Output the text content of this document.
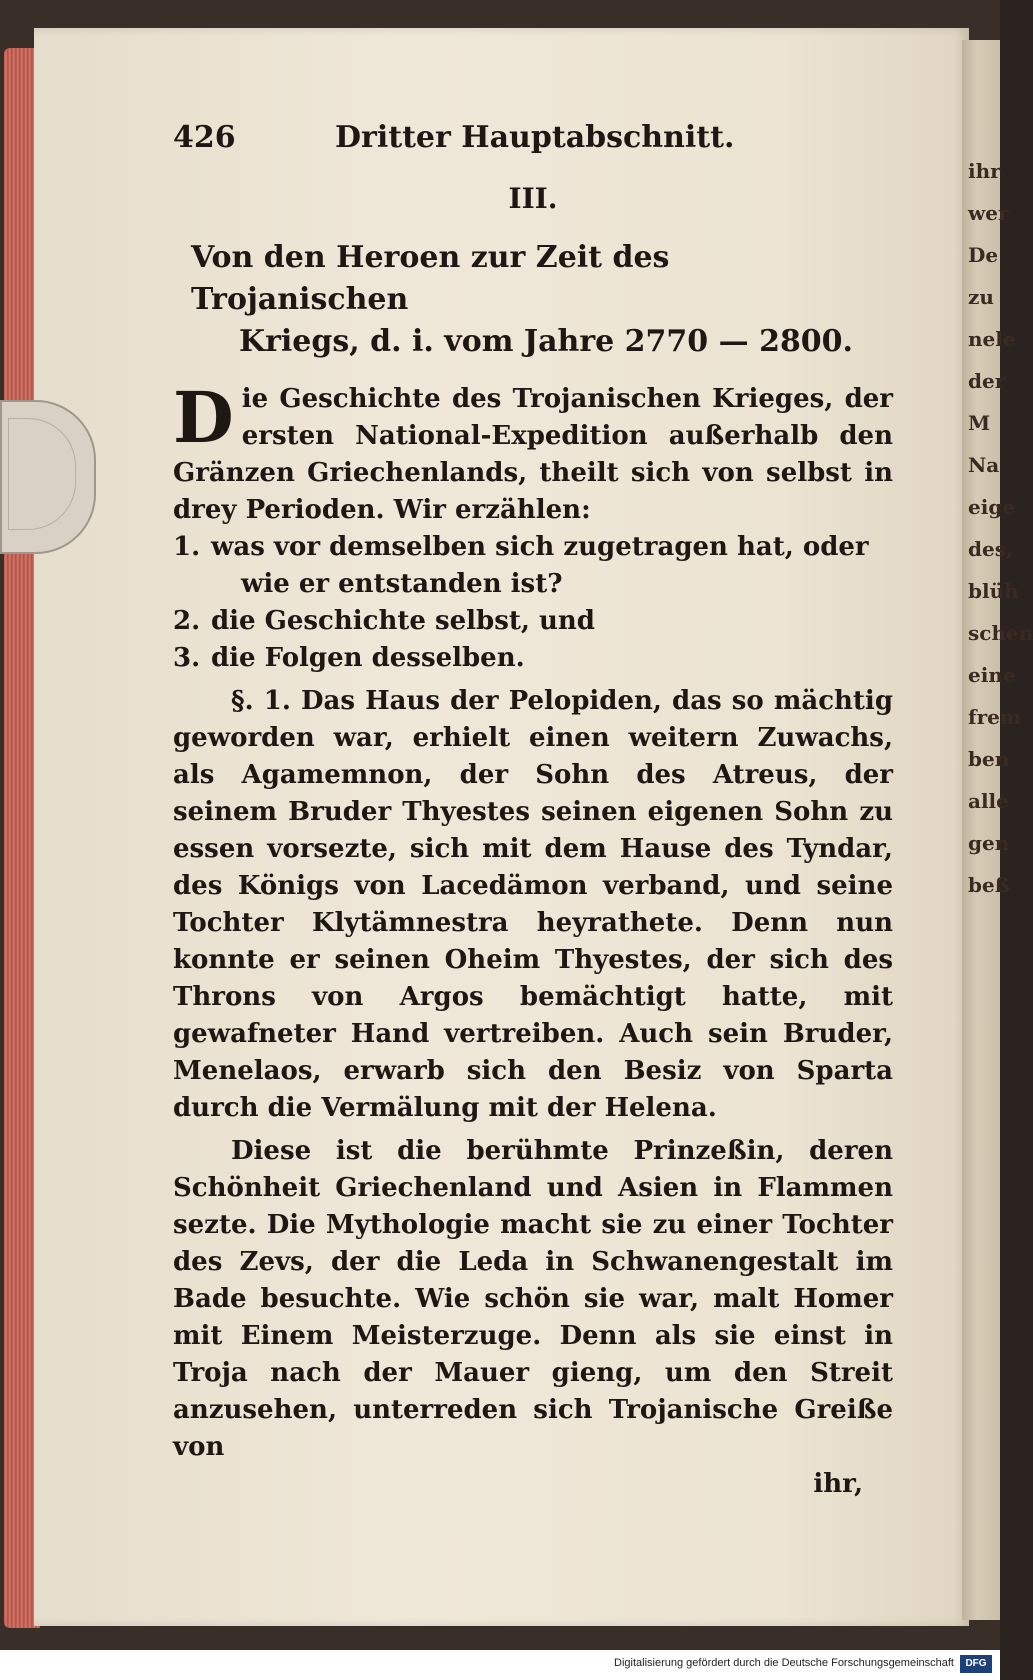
ihr
wer
De
zu
nele
der
M
Na
eige
des,
blüh
schen
eine
frem
ben
alle
gen
beß
426	Dritter Hauptabschnitt.
III.
Von den Heroen zur Zeit des Trojanischen
Kriegs, d. i. vom Jahre 2770 — 2800.
D ie Geschichte des Trojanischen Krieges, der ersten National-Expedition außerhalb den Gränzen Griechenlands, theilt sich von selbst in drey Perioden. Wir erzählen:
1. was vor demselben sich zugetragen hat, oder
wie er entstanden ist?
2. die Geschichte selbst, und
3. die Folgen desselben.
§. 1. Das Haus der Pelopiden, das so mächtig geworden war, erhielt einen weitern Zuwachs, als Agamemnon, der Sohn des Atreus, der seinem Bruder Thyestes seinen eigenen Sohn zu essen vorsezte, sich mit dem Hause des Tyndar, des Königs von Lacedämon verband, und seine Tochter Klytämnestra heyrathete. Denn nun konnte er seinen Oheim Thyestes, der sich des Throns von Argos bemächtigt hatte, mit gewafneter Hand vertreiben. Auch sein Bruder, Menelaos, erwarb sich den Besiz von Sparta durch die Vermälung mit der Helena.
Diese ist die berühmte Prinzeßin, deren Schönheit Griechenland und Asien in Flammen sezte. Die Mythologie macht sie zu einer Tochter des Zevs, der die Leda in Schwanengestalt im Bade besuchte. Wie schön sie war, malt Homer mit Einem Meisterzuge. Denn als sie einst in Troja nach der Mauer gieng, um den Streit anzusehen, unterreden sich Trojanische Greiße von
ihr,
Digitalisierung gefördert durch die Deutsche Forschungsgemeinschaft	DFG
